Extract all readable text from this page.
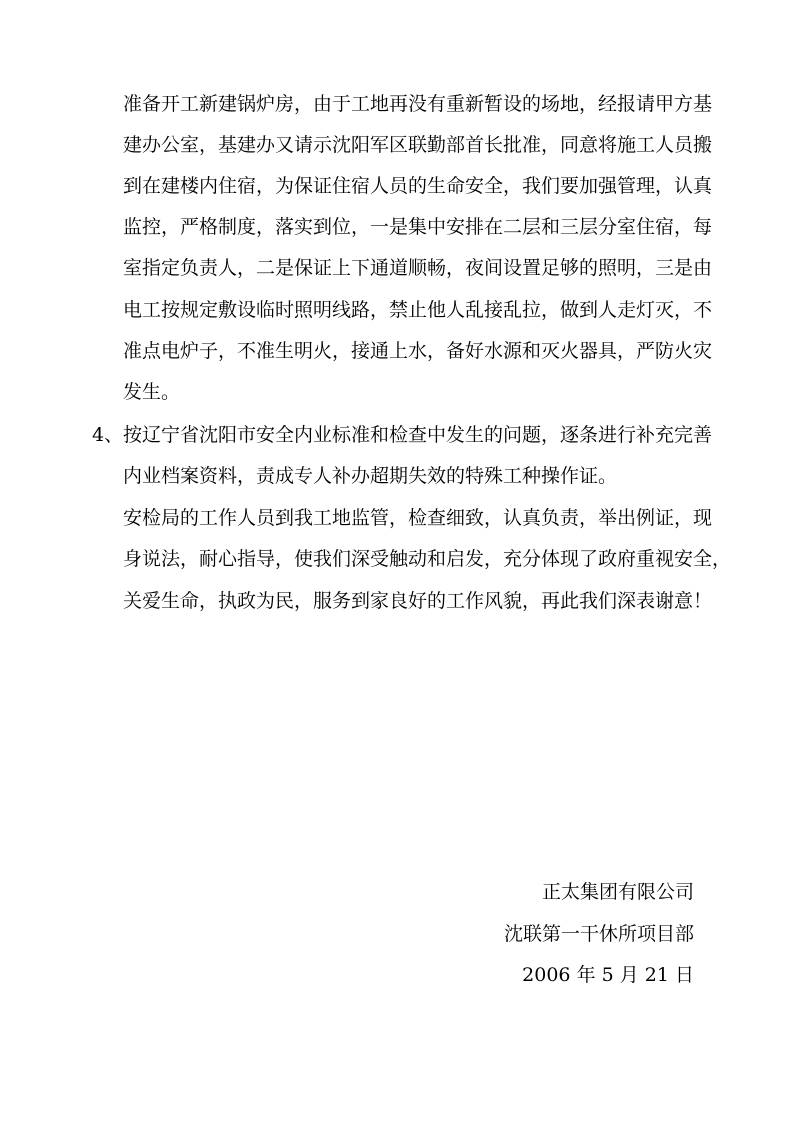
准备开工新建锅炉房，由于工地再没有重新暂设的场地，经报请甲方基
建办公室，基建办又请示沈阳军区联勤部首长批准，同意将施工人员搬
到在建楼内住宿，为保证住宿人员的生命安全，我们要加强管理，认真
监控，严格制度，落实到位，一是集中安排在二层和三层分室住宿，每
室指定负责人，二是保证上下通道顺畅，夜间设置足够的照明，三是由
电工按规定敷设临时照明线路，禁止他人乱接乱拉，做到人走灯灭，不
准点电炉子，不准生明火，接通上水，备好水源和灭火器具，严防火灾
发生。
4、 按辽宁省沈阳市安全内业标准和检查中发生的问题，逐条进行补充完善
内业档案资料，责成专人补办超期失效的特殊工种操作证。
安检局的工作人员到我工地监管，检查细致，认真负责，举出例证，现
身说法，耐心指导，使我们深受触动和启发，充分体现了政府重视安全，
关爱生命，执政为民，服务到家良好的工作风貌，再此我们深表谢意！
正太集团有限公司
沈联第一干休所项目部
2006 年 5 月 21 日
